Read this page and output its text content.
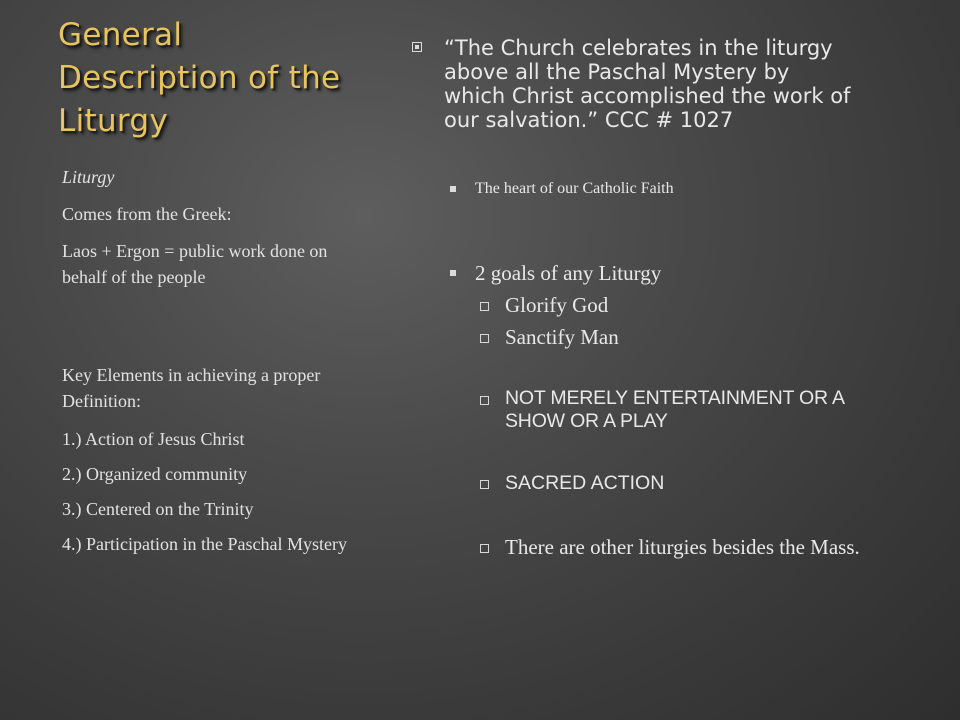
General Description of the Liturgy

Liturgy

Comes from the Greek:

Laos + Ergon = public work done on behalf of the people

Key Elements in achieving a proper Definition:

1.) Action of Jesus Christ

2.) Organized community

3.) Centered on the Trinity

4.) Participation in the Paschal Mystery

“The Church celebrates in the liturgy above all the Paschal Mystery by which Christ accomplished the work of our salvation.” CCC # 1027
The heart of our Catholic Faith
2 goals of any Liturgy
Glorify God
Sanctify Man
NOT MERELY ENTERTAINMENT OR A SHOW OR A PLAY
SACRED ACTION
There are other liturgies besides the Mass.
